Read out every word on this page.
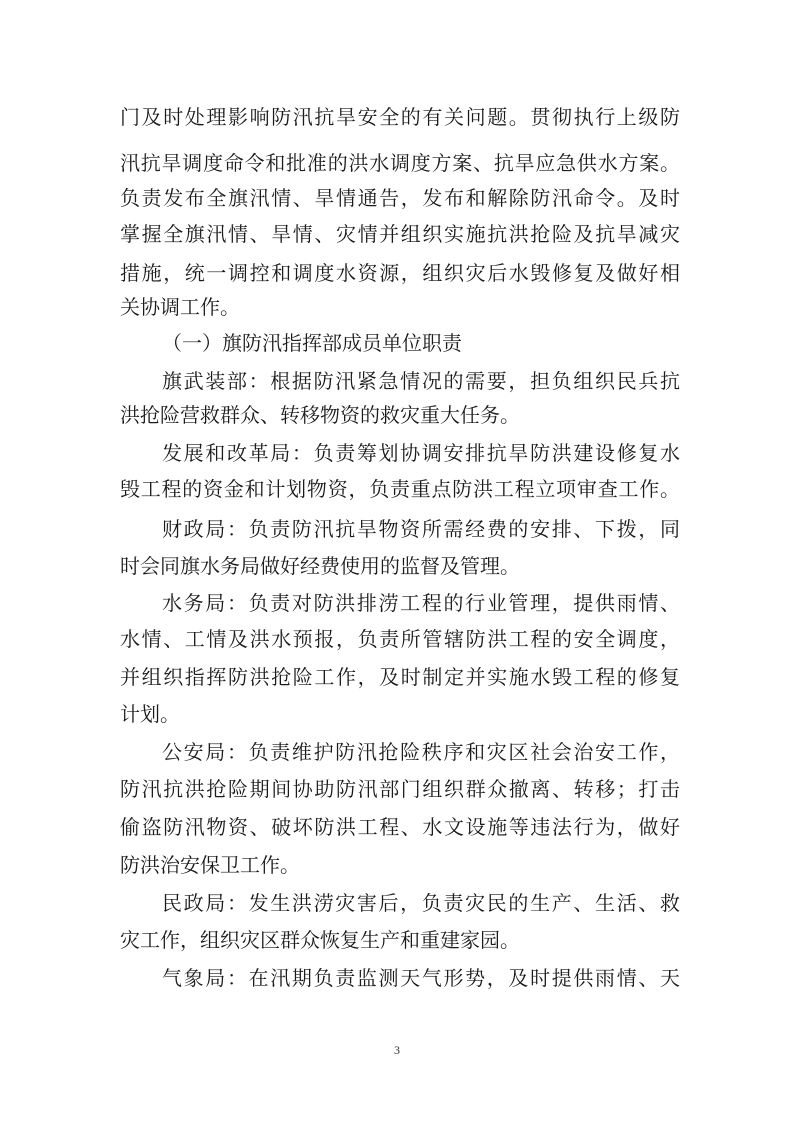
门及时处理影响防汛抗旱安全的有关问题。贯彻执行上级防
汛抗旱调度命令和批准的洪水调度方案、抗旱应急供水方案。
负责发布全旗汛情、旱情通告，发布和解除防汛命令。及时
掌握全旗汛情、旱情、灾情并组织实施抗洪抢险及抗旱减灾
措施，统一调控和调度水资源，组织灾后水毁修复及做好相
关协调工作。
（一）旗防汛指挥部成员单位职责
旗武装部：根据防汛紧急情况的需要，担负组织民兵抗
洪抢险营救群众、转移物资的救灾重大任务。
发展和改革局：负责筹划协调安排抗旱防洪建设修复水
毁工程的资金和计划物资，负责重点防洪工程立项审查工作。
财政局：负责防汛抗旱物资所需经费的安排、下拨，同
时会同旗水务局做好经费使用的监督及管理。
水务局：负责对防洪排涝工程的行业管理，提供雨情、
水情、工情及洪水预报，负责所管辖防洪工程的安全调度，
并组织指挥防洪抢险工作，及时制定并实施水毁工程的修复
计划。
公安局：负责维护防汛抢险秩序和灾区社会治安工作，
防汛抗洪抢险期间协助防汛部门组织群众撤离、转移；打击
偷盗防汛物资、破坏防洪工程、水文设施等违法行为，做好
防洪治安保卫工作。
民政局：发生洪涝灾害后，负责灾民的生产、生活、救
灾工作，组织灾区群众恢复生产和重建家园。
气象局：在汛期负责监测天气形势，及时提供雨情、天
3
